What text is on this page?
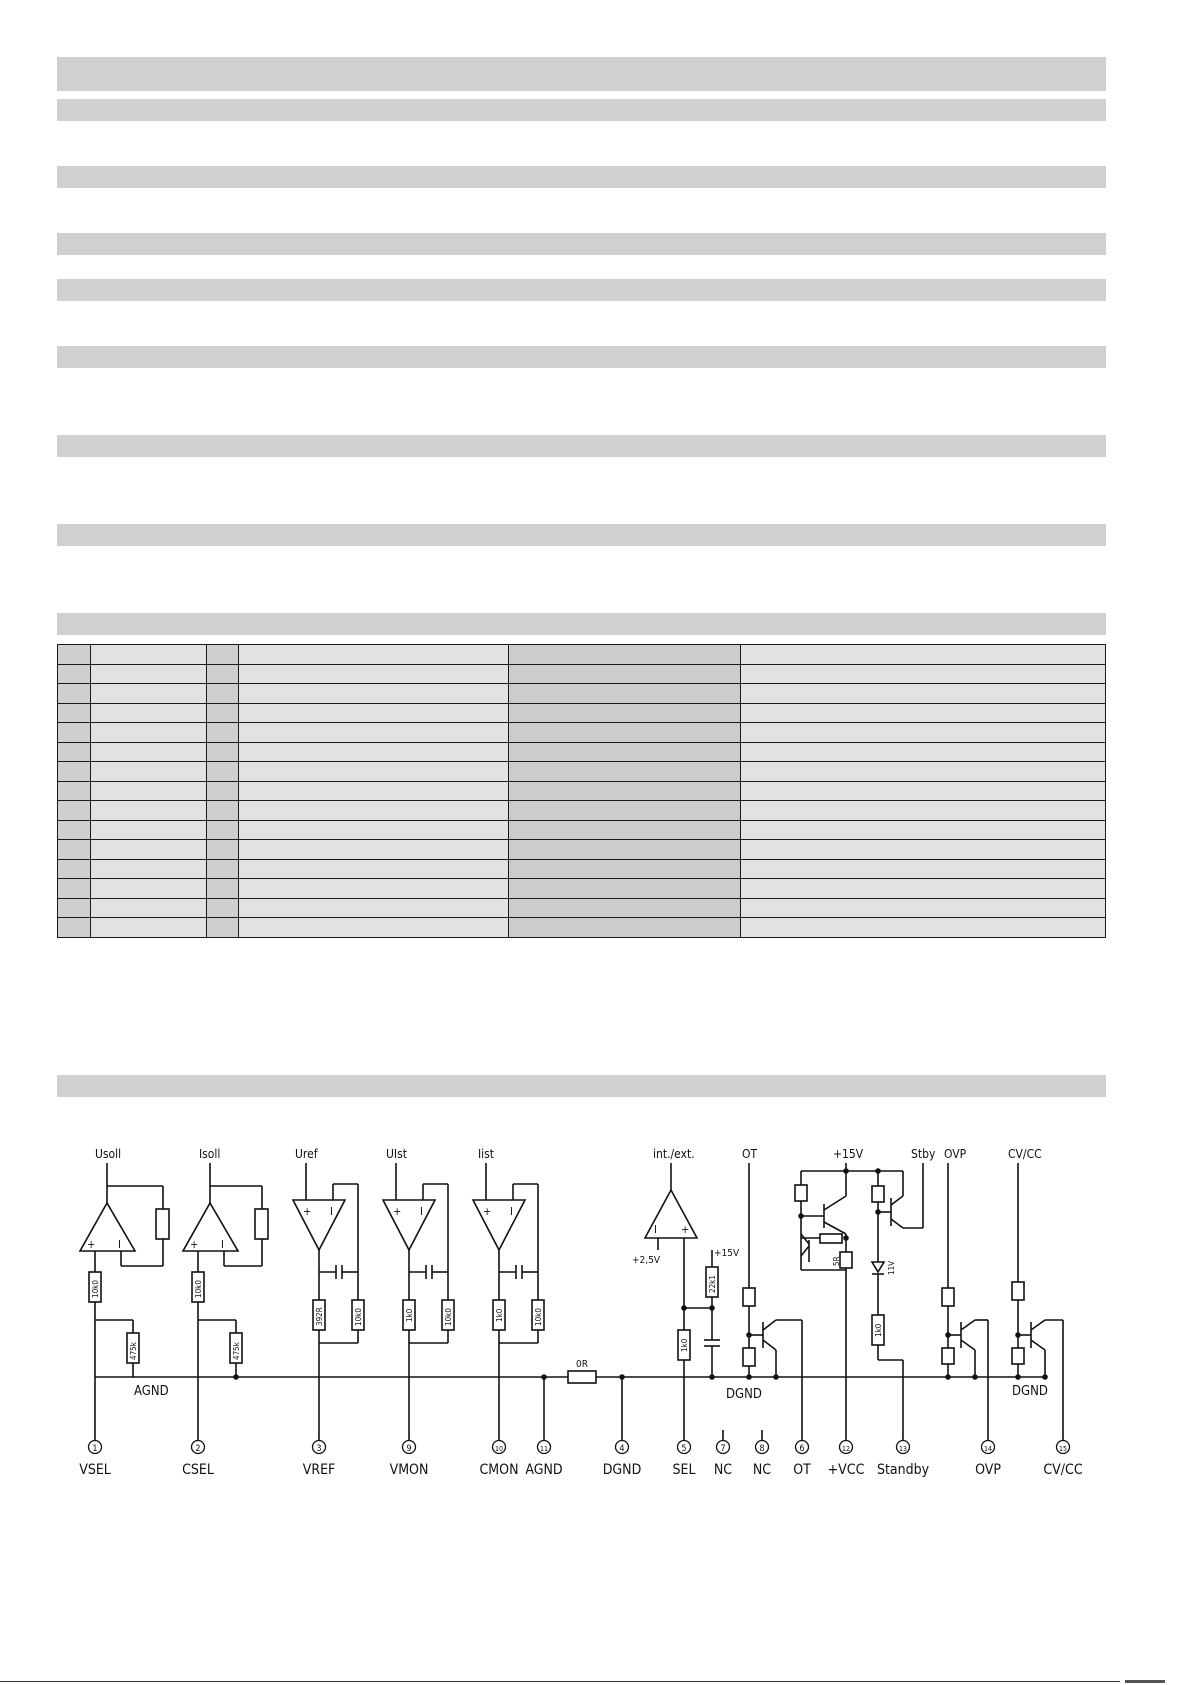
+ I	+ I
+ I	+ I	+ I
I +
Usoll	Isoll	Uref	UIst	Iist	int./ext.	OT	+15V	Stby OVP	CV/CC
10k0
475k
10k0
475k
392R	10k0	1k0	10k0	1k0	10k0
22k1
1k0
5R	11V
1k0
0R
+15V
+2,5V
AGND	DGND	DGND
1
VSEL
2
CSEL
3
VREF
9
VMON
10
CMON
11
AGND
4
DGND
5
SEL
7
NC
8
NC
6
OT
12
+VCC
13
Standby
14
OVP
15
CV/CC
